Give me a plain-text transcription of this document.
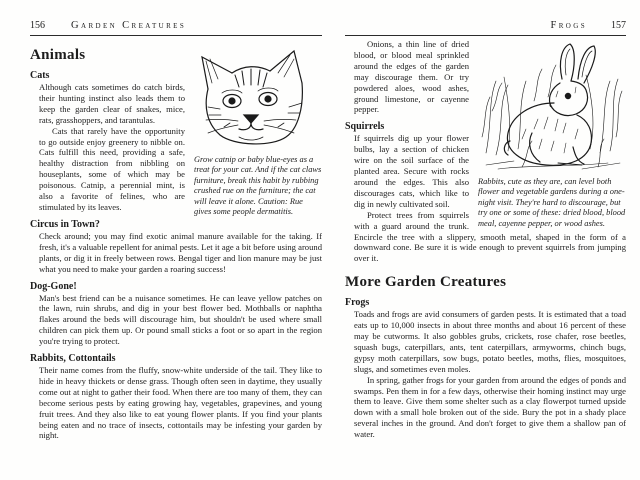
156 Garden Creatures

Grow catnip or baby blue-eyes as a treat for your cat. And if the cat claws furniture, break this habit by rubbing crushed rue on the furniture; the cat will leave it alone. Caution: Rue gives some people dermatitis.

Animals
Cats

Although cats sometimes do catch birds, their hunting instinct also leads them to keep the garden clear of snakes, mice, rats, grasshoppers, and tarantulas.

Cats that rarely have the opportunity to go outside enjoy greenery to nibble on. Cats fulfill this need, providing a safe, healthy distraction from nibbling on houseplants, some of which may be poisonous. Catnip, a perennial mint, is also a favorite of felines, who are stimulated by its leaves.

Circus in Town?

Check around; you may find exotic animal manure available for the taking. If fresh, it's a valuable repellent for animal pests. Let it age a bit before using around plants, or dig it in freely between rows. Bengal tiger and lion manure may be just what you need to make your garden a roaring success!

Dog-Gone!

Man's best friend can be a nuisance sometimes. He can leave yellow patches on the lawn, ruin shrubs, and dig in your best flower bed. Mothballs or naphtha flakes around the beds will discourage him, but shouldn't be used where small children can pick them up. Or pound small sticks a foot or so apart in the region you're trying to protect.

Rabbits, Cottontails

Their name comes from the fluffy, snow-white underside of the tail. They like to hide in heavy thickets or dense grass. Though often seen in daytime, they usually come out at night to gather their food. When there are too many of them, they can become serious pests by eating growing hay, vegetables, grapevines, and young fruit trees. And they also like to eat young flower plants. If you find your plants being eaten and no trace of insects, cottontails may be infesting your garden by night.

Frogs 157

Rabbits, cute as they are, can level both flower and vegetable gardens during a one-night visit. They're hard to discourage, but try one or some of these: dried blood, blood meal, cayenne pepper, or wood ashes.

Onions, a thin line of dried blood, or blood meal sprinkled around the edges of the garden may discourage them. Or try powdered aloes, wood ashes, ground limestone, or cayenne pepper.

Squirrels

If squirrels dig up your flower bulbs, lay a section of chicken wire on the soil surface of the planted area. Secure with rocks around the edges. This also discourages cats, which like to dig in newly cultivated soil.

Protect trees from squirrels with a guard around the trunk. Encircle the tree with a slippery, smooth metal, shaped in the form of a downward cone. Be sure it is wide enough to prevent squirrels from jumping over it.

More Garden Creatures
Frogs

Toads and frogs are avid consumers of garden pests. It is estimated that a toad eats up to 10,000 insects in about three months and about 16 percent of these may be cutworms. It also gobbles grubs, crickets, rose chafer, rose beetles, squash bugs, caterpillars, ants, tent caterpillars, armyworms, chinch bugs, gypsy moth caterpillars, sow bugs, potato beetles, moths, flies, mosquitoes, slugs, and sometimes even moles.

In spring, gather frogs for your garden from around the edges of ponds and swamps. Pen them in for a few days, otherwise their homing instinct may urge them to leave. Give them some shelter such as a clay flowerpot turned upside down with a small hole broken out of the side. Bury the pot in a shady place several inches in the ground. And don't forget to give them a shallow pan of water.
